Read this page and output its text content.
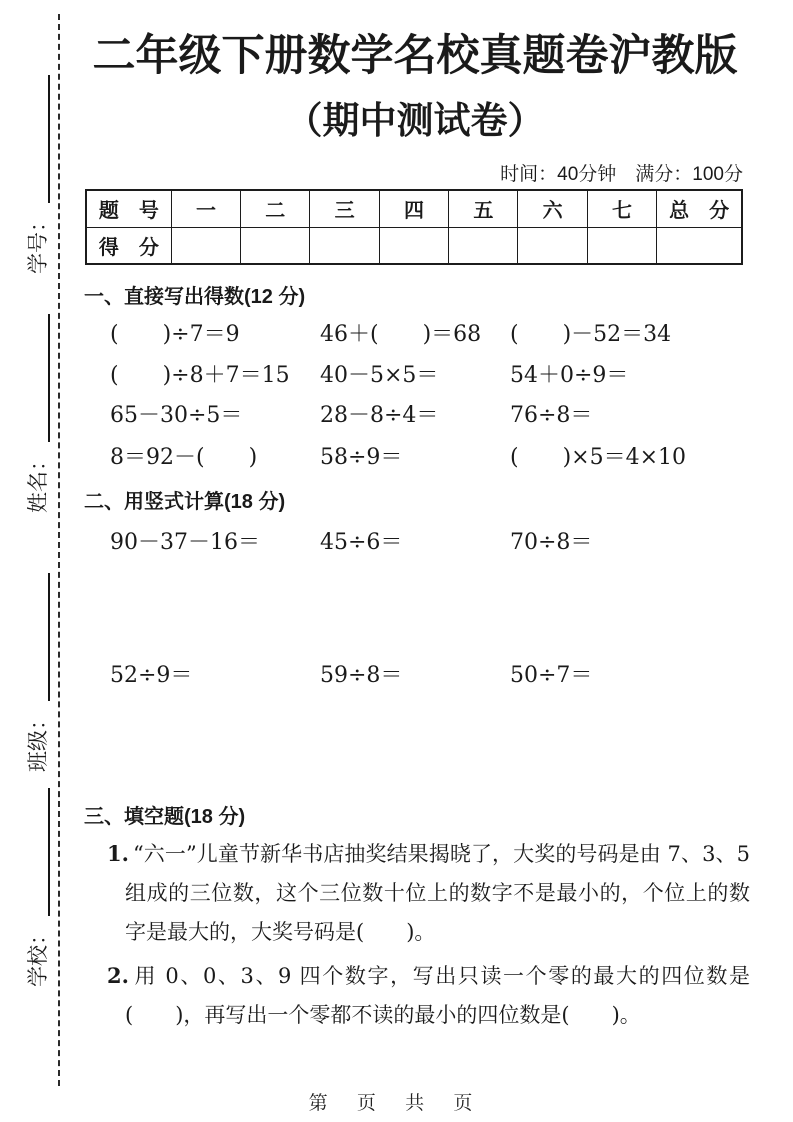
学号：
姓名：
班级：
学校：
二年级下册数学名校真题卷沪教版
（期中测试卷）
时间：40分钟　满分：100分
题　号	一	二	三	四	五	六	七	总　分
得　分								
一、直接写出得数(12 分)
(　　)÷7＝9	46＋(　　)＝68	(　　)－52＝34
(　　)÷8＋7＝15	40－5×5＝	54＋0÷9＝
65－30÷5＝	28－8÷4＝	76÷8＝
8＝92－(　　)	58÷9＝	(　　)×5＝4×10
二、用竖式计算(18 分)
90－37－16＝	45÷6＝	70÷8＝
52÷9＝	59÷8＝	50÷7＝
三、填空题(18 分)

1. “六一”儿童节新华书店抽奖结果揭晓了，大奖的号码是由 7、3、5 组成的三位数，这个三位数十位上的数字不是最小的，个位上的数字是最大的，大奖号码是(　　)。

2. 用 0、0、3、9 四个数字，写出只读一个零的最大的四位数是(　　)，再写出一个零都不读的最小的四位数是(　　)。

第 页 共 页
